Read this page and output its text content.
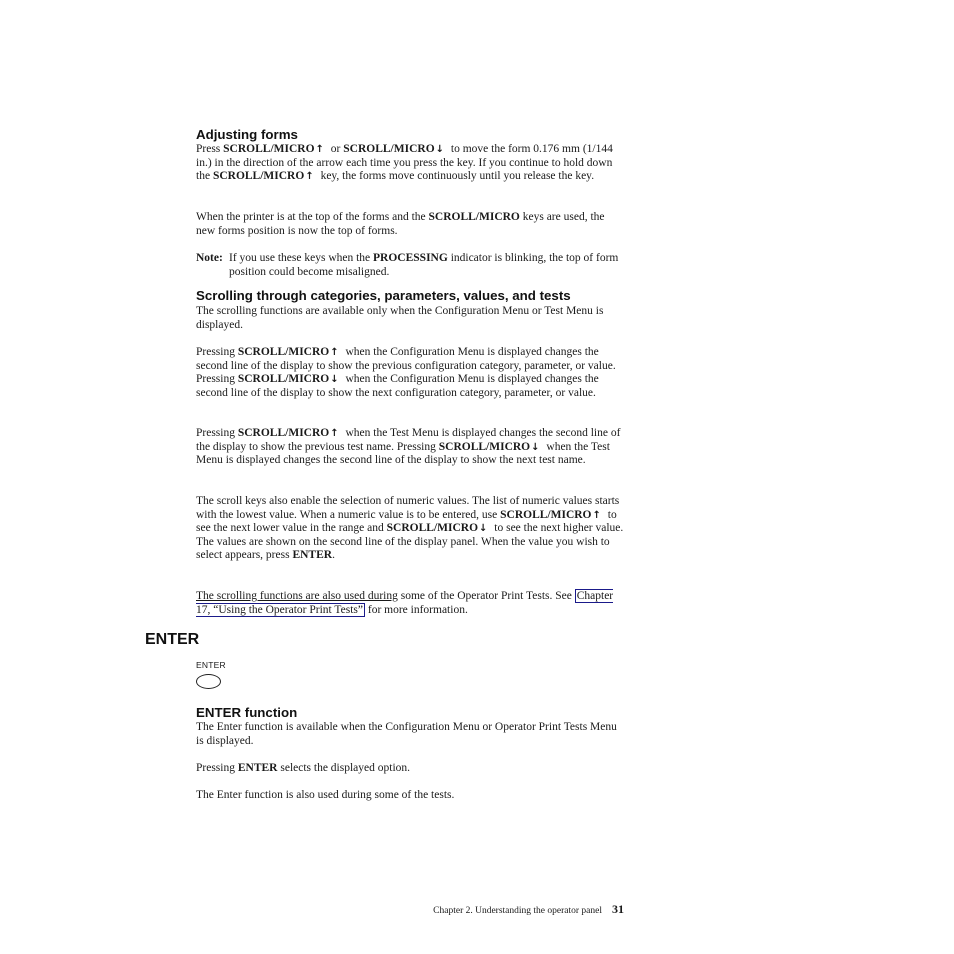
Adjusting forms

Press SCROLL/MICRO↑ or SCROLL/MICRO↓ to move the form 0.176 mm (1/144 in.) in the direction of the arrow each time you press the key. If you continue to hold down the SCROLL/MICRO↑ key, the forms move continuously until you release the key.

When the printer is at the top of the forms and the SCROLL/MICRO keys are used, the new forms position is now the top of forms.

Note: If you use these keys when the PROCESSING indicator is blinking, the top of form position could become misaligned.
Scrolling through categories, parameters, values, and tests

The scrolling functions are available only when the Configuration Menu or Test Menu is displayed.

Pressing SCROLL/MICRO↑ when the Configuration Menu is displayed changes the second line of the display to show the previous configuration category, parameter, or value. Pressing SCROLL/MICRO↓ when the Configuration Menu is displayed changes the second line of the display to show the next configuration category, parameter, or value.

Pressing SCROLL/MICRO↑ when the Test Menu is displayed changes the second line of the display to show the previous test name. Pressing SCROLL/MICRO↓ when the Test Menu is displayed changes the second line of the display to show the next test name.

The scroll keys also enable the selection of numeric values. The list of numeric values starts with the lowest value. When a numeric value is to be entered, use SCROLL/MICRO↑ to see the next lower value in the range and SCROLL/MICRO↓ to see the next higher value. The values are shown on the second line of the display panel. When the value you wish to select appears, press ENTER.

The scrolling functions are also used during some of the Operator Print Tests. See Chapter 17, “Using the Operator Print Tests” for more information.

ENTER
ENTER
ENTER function

The Enter function is available when the Configuration Menu or Operator Print Tests Menu is displayed.

Pressing ENTER selects the displayed option.

The Enter function is also used during some of the tests.

Chapter 2. Understanding the operator panel 31
